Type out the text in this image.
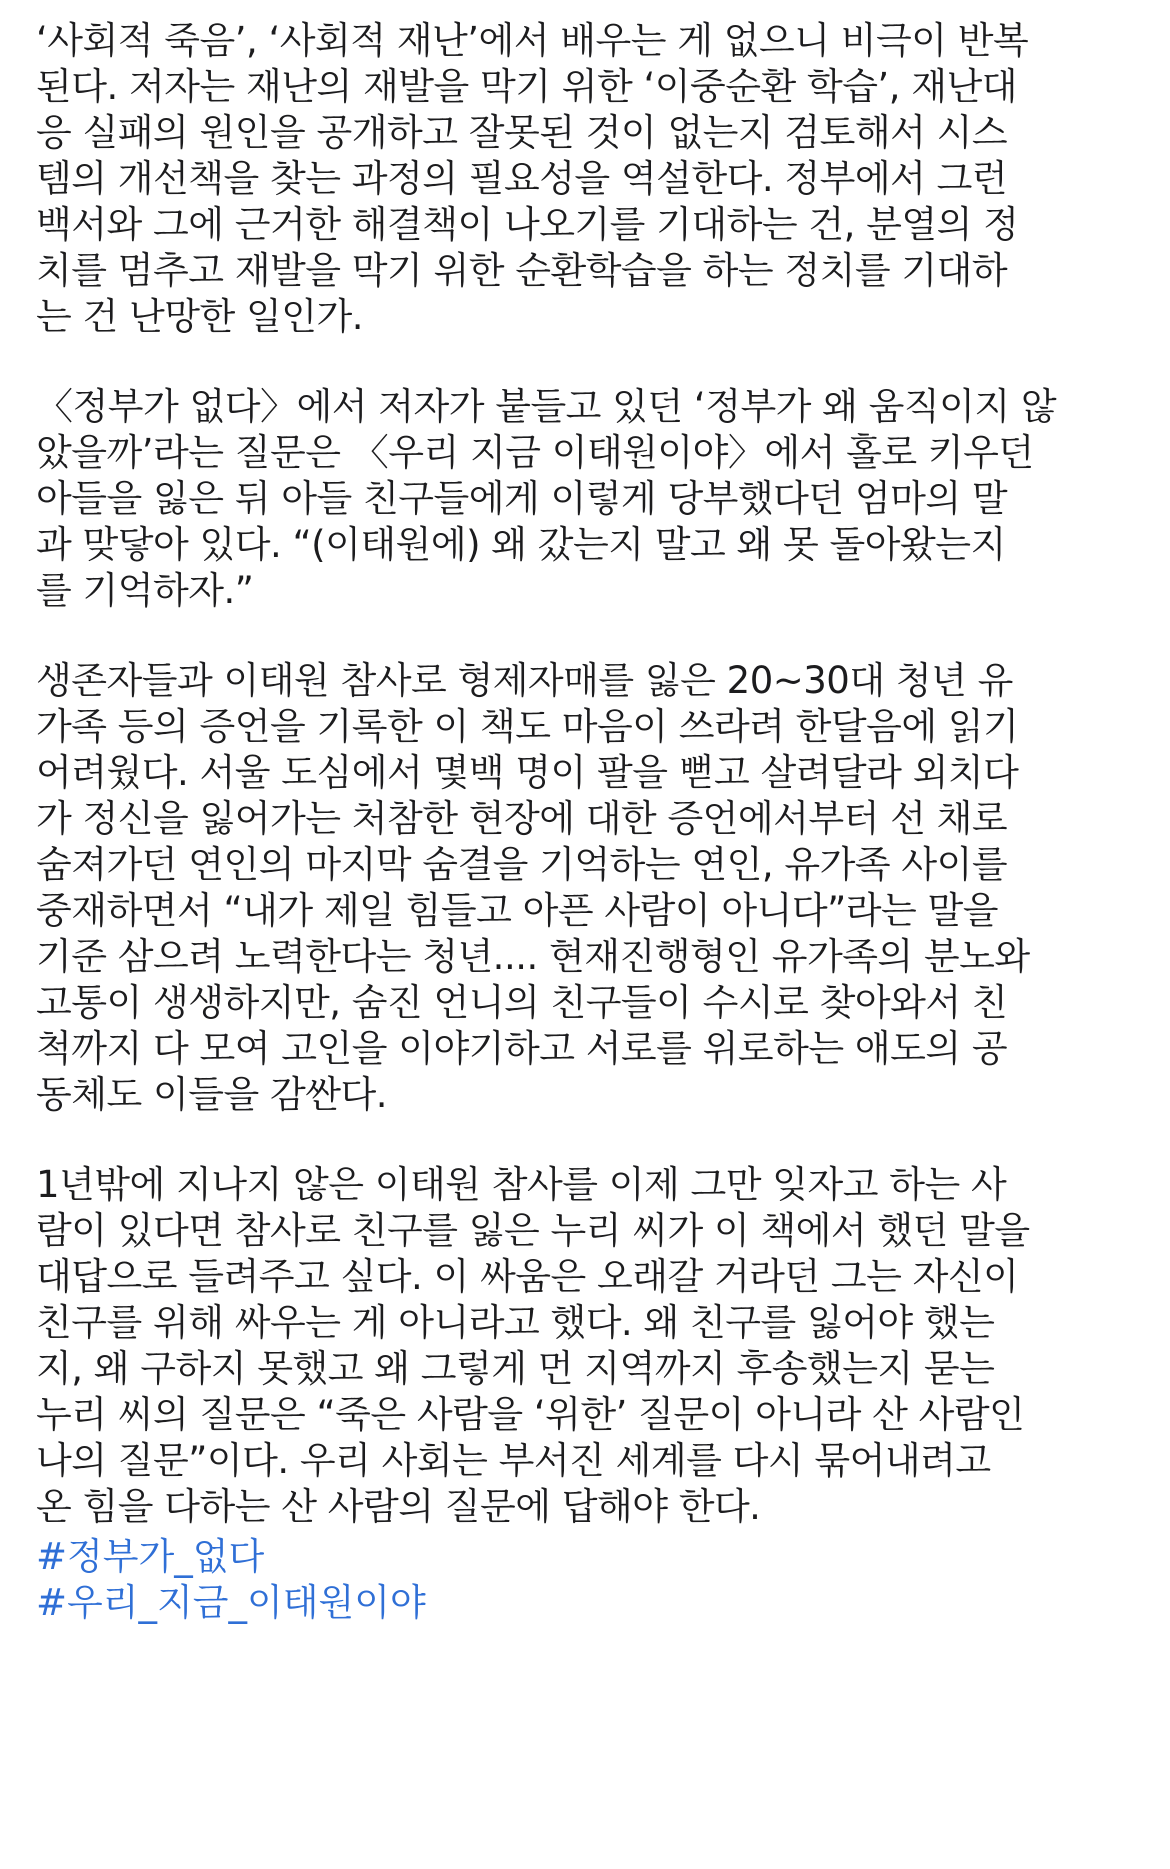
‘사회적 죽음’, ‘사회적 재난’에서 배우는 게 없으니 비극이 반복
된다. 저자는 재난의 재발을 막기 위한 ‘이중순환 학습’, 재난대
응 실패의 원인을 공개하고 잘못된 것이 없는지 검토해서 시스
템의 개선책을 찾는 과정의 필요성을 역설한다. 정부에서 그런
백서와 그에 근거한 해결책이 나오기를 기대하는 건, 분열의 정
치를 멈추고 재발을 막기 위한 순환학습을 하는 정치를 기대하
는 건 난망한 일인가.
〈정부가 없다〉에서 저자가 붙들고 있던 ‘정부가 왜 움직이지 않
았을까’라는 질문은 〈우리 지금 이태원이야〉에서 홀로 키우던
아들을 잃은 뒤 아들 친구들에게 이렇게 당부했다던 엄마의 말
과 맞닿아 있다. “(이태원에) 왜 갔는지 말고 왜 못 돌아왔는지
를 기억하자.”
생존자들과 이태원 참사로 형제자매를 잃은 20~30대 청년 유
가족 등의 증언을 기록한 이 책도 마음이 쓰라려 한달음에 읽기
어려웠다. 서울 도심에서 몇백 명이 팔을 뻗고 살려달라 외치다
가 정신을 잃어가는 처참한 현장에 대한 증언에서부터 선 채로
숨져가던 연인의 마지막 숨결을 기억하는 연인, 유가족 사이를
중재하면서 “내가 제일 힘들고 아픈 사람이 아니다”라는 말을
기준 삼으려 노력한다는 청년.... 현재진행형인 유가족의 분노와
고통이 생생하지만, 숨진 언니의 친구들이 수시로 찾아와서 친
척까지 다 모여 고인을 이야기하고 서로를 위로하는 애도의 공
동체도 이들을 감싼다.
1년밖에 지나지 않은 이태원 참사를 이제 그만 잊자고 하는 사
람이 있다면 참사로 친구를 잃은 누리 씨가 이 책에서 했던 말을
대답으로 들려주고 싶다. 이 싸움은 오래갈 거라던 그는 자신이
친구를 위해 싸우는 게 아니라고 했다. 왜 친구를 잃어야 했는
지, 왜 구하지 못했고 왜 그렇게 먼 지역까지 후송했는지 묻는
누리 씨의 질문은 “죽은 사람을 ‘위한’ 질문이 아니라 산 사람인
나의 질문”이다. 우리 사회는 부서진 세계를 다시 묶어내려고
온 힘을 다하는 산 사람의 질문에 답해야 한다.
#정부가_없다
#우리_지금_이태원이야
